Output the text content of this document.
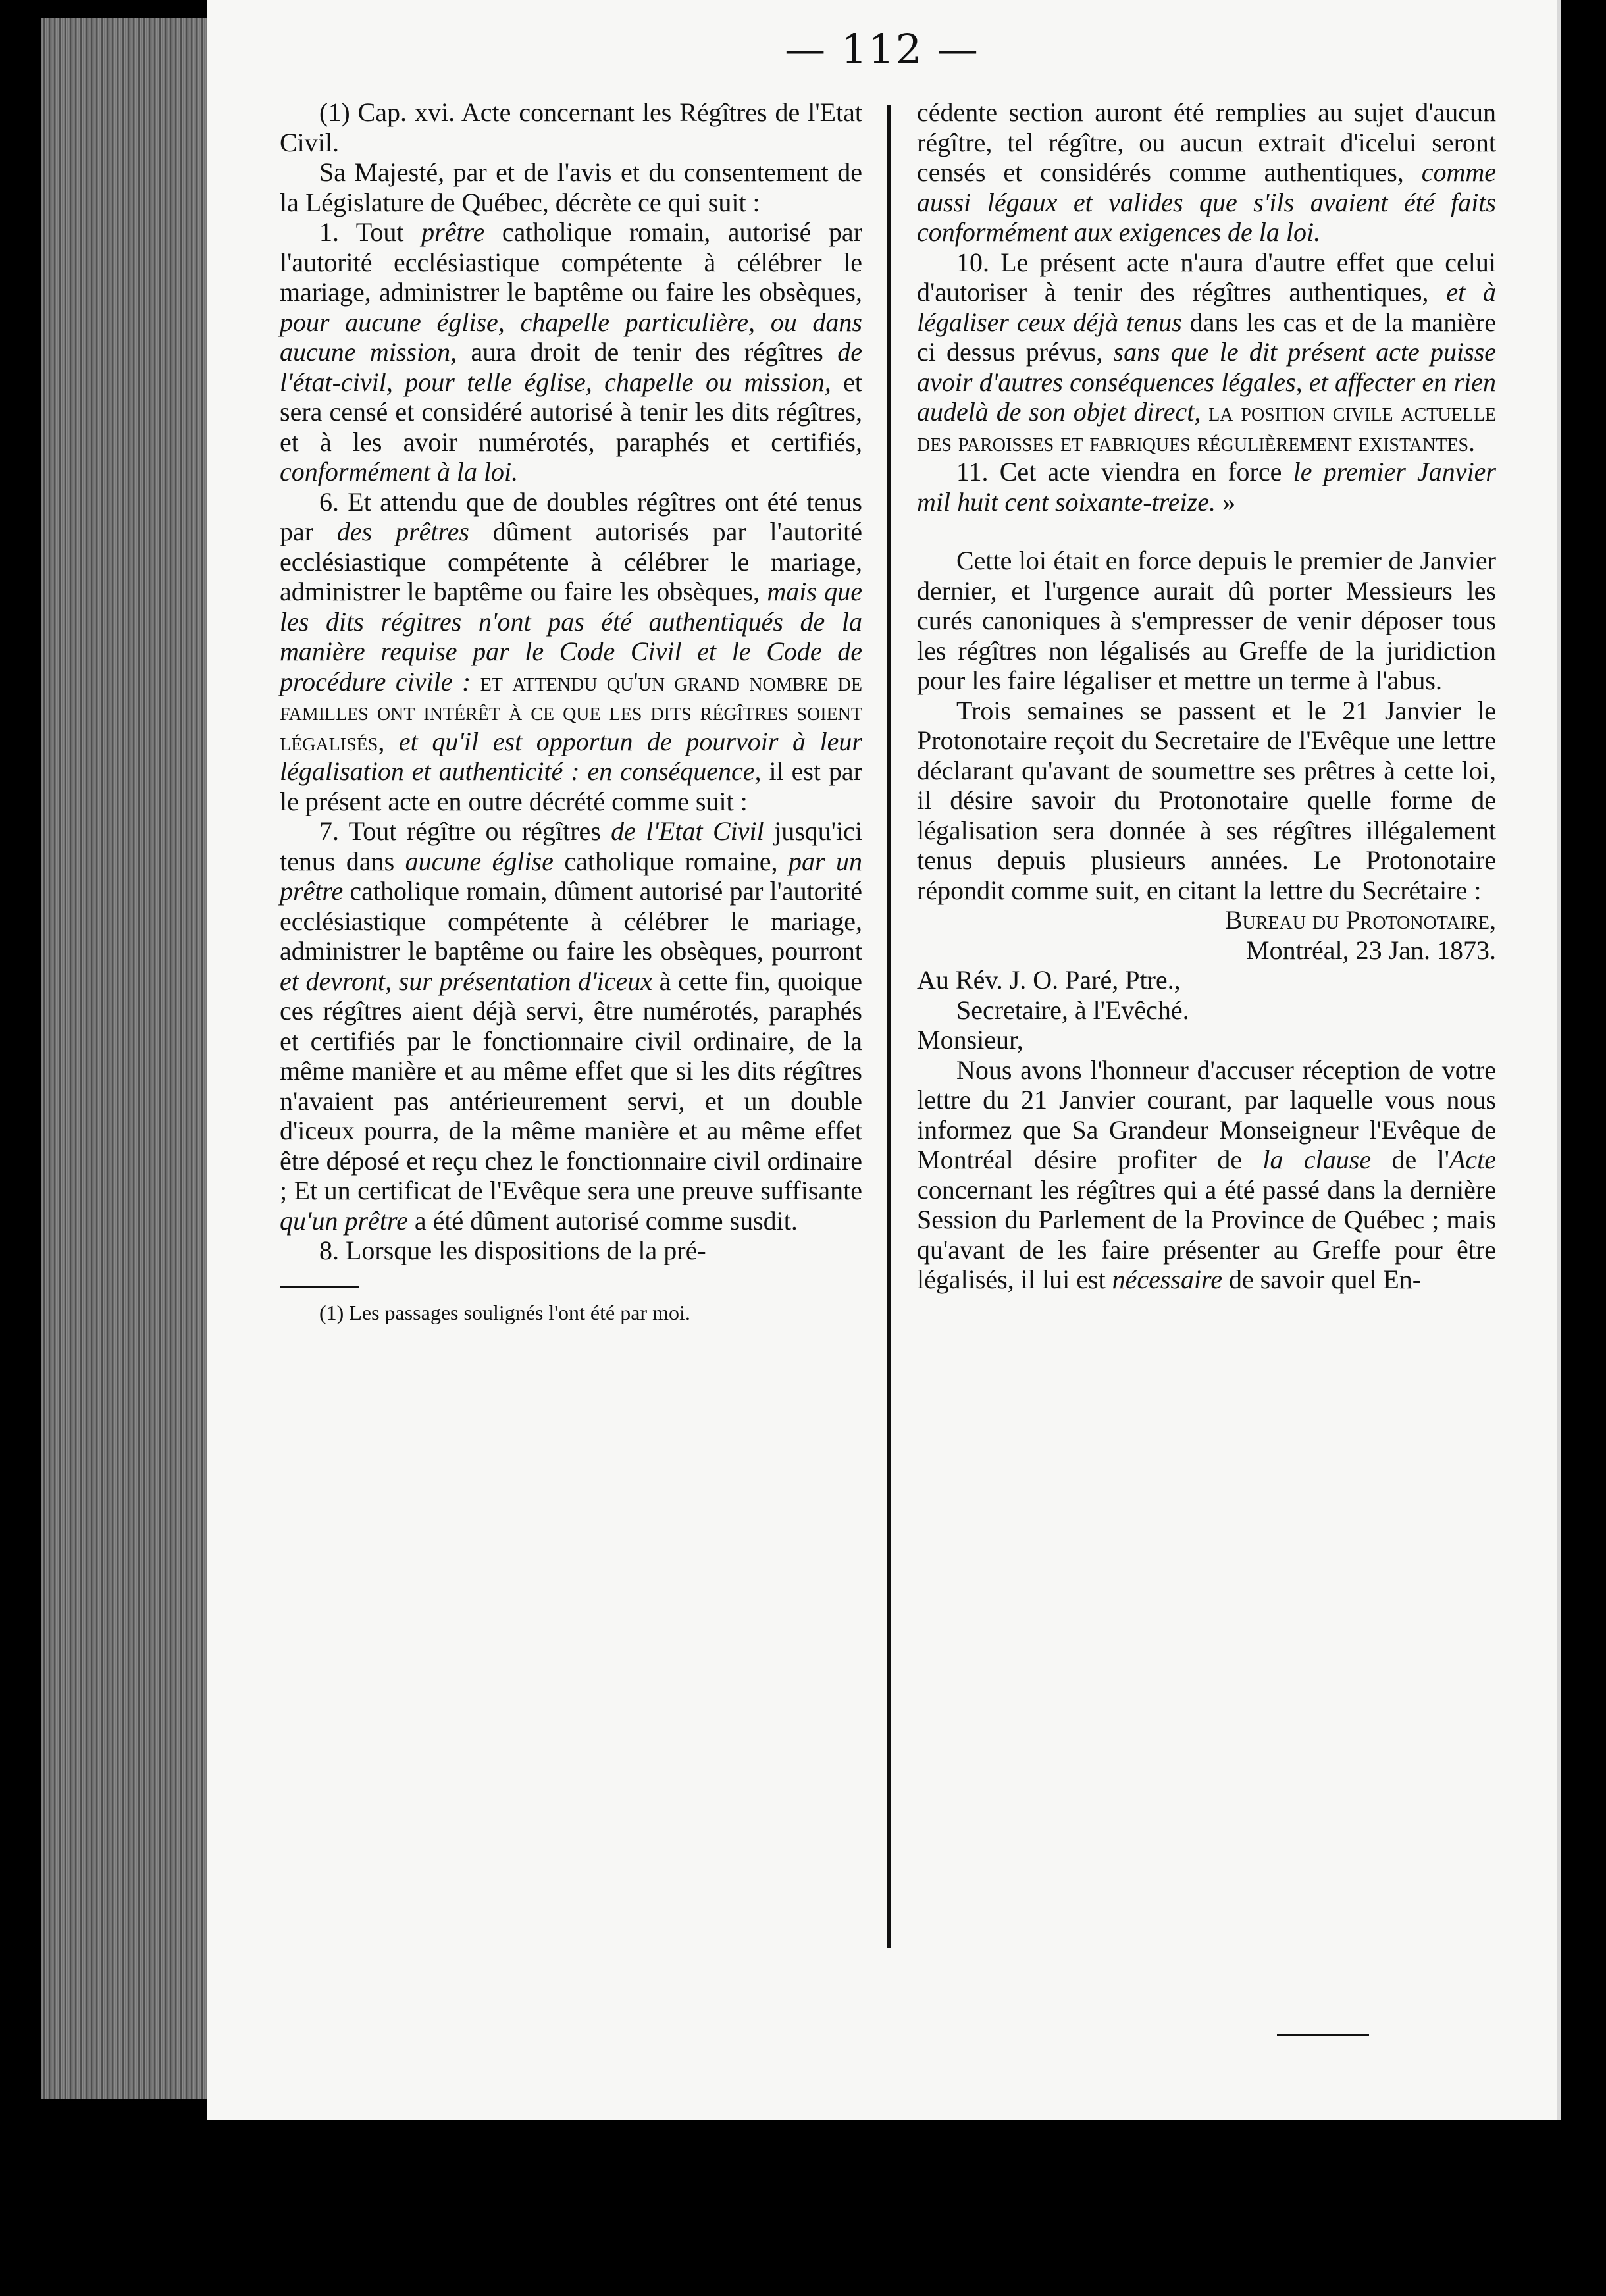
— 112 —

(1) Cap. xvi. Acte concernant les Régîtres de l'Etat Civil.

Sa Majesté, par et de l'avis et du consentement de la Législature de Québec, décrète ce qui suit :

1. Tout prêtre catholique romain, autorisé par l'autorité ecclésiastique compétente à célébrer le mariage, administrer le baptême ou faire les obsèques, pour aucune église, chapelle particulière, ou dans aucune mission, aura droit de tenir des régîtres de l'état-civil, pour telle église, chapelle ou mission, et sera censé et considéré autorisé à tenir les dits régîtres, et à les avoir numérotés, paraphés et certifiés, conformément à la loi.

6. Et attendu que de doubles régîtres ont été tenus par des prêtres dûment autorisés par l'autorité ecclésiastique compétente à célébrer le mariage, administrer le baptême ou faire les obsèques, mais que les dits régitres n'ont pas été authentiqués de la manière requise par le Code Civil et le Code de procédure civile : et attendu qu'un grand nombre de familles ont intérêt à ce que les dits régîtres soient légalisés, et qu'il est opportun de pourvoir à leur légalisation et authenticité : en conséquence, il est par le présent acte en outre décrété comme suit :

7. Tout régître ou régîtres de l'Etat Civil jusqu'ici tenus dans aucune église catholique romaine, par un prêtre catholique romain, dûment autorisé par l'autorité ecclésiastique compétente à célébrer le mariage, administrer le baptême ou faire les obsèques, pourront et devront, sur présentation d'iceux à cette fin, quoique ces régîtres aient déjà servi, être numérotés, paraphés et certifiés par le fonctionnaire civil ordinaire, de la même manière et au même effet que si les dits régîtres n'avaient pas antérieurement servi, et un double d'iceux pourra, de la même manière et au même effet être déposé et reçu chez le fonctionnaire civil ordinaire ; Et un certificat de l'Evêque sera une preuve suffisante qu'un prêtre a été dûment autorisé comme susdit.

8. Lorsque les dispositions de la pré-

(1) Les passages soulignés l'ont été par moi.

cédente section auront été remplies au sujet d'aucun régître, tel régître, ou aucun extrait d'icelui seront censés et considérés comme authentiques, comme aussi légaux et valides que s'ils avaient été faits conformément aux exigences de la loi.

10. Le présent acte n'aura d'autre effet que celui d'autoriser à tenir des régîtres authentiques, et à légaliser ceux déjà tenus dans les cas et de la manière ci dessus prévus, sans que le dit présent acte puisse avoir d'autres conséquences légales, et affecter en rien audelà de son objet direct, la position civile actuelle des paroisses et fabriques régulièrement existantes.

11. Cet acte viendra en force le premier Janvier mil huit cent soixante-treize. »

Cette loi était en force depuis le premier de Janvier dernier, et l'urgence aurait dû porter Messieurs les curés canoniques à s'empresser de venir déposer tous les régîtres non légalisés au Greffe de la juridiction pour les faire légaliser et mettre un terme à l'abus.

Trois semaines se passent et le 21 Janvier le Protonotaire reçoit du Secretaire de l'Evêque une lettre déclarant qu'avant de soumettre ses prêtres à cette loi, il désire savoir du Protonotaire quelle forme de légalisation sera donnée à ses régîtres illégalement tenus depuis plusieurs années. Le Protonotaire répondit comme suit, en citant la lettre du Secrétaire :

Bureau du Protonotaire,

Montréal, 23 Jan. 1873.

Au Rév. J. O. Paré, Ptre.,

Secretaire, à l'Evêché.

Monsieur,

Nous avons l'honneur d'accuser réception de votre lettre du 21 Janvier courant, par laquelle vous nous informez que Sa Grandeur Monseigneur l'Evêque de Montréal désire profiter de la clause de l'Acte concernant les régîtres qui a été passé dans la dernière Session du Parlement de la Province de Québec ; mais qu'avant de les faire présenter au Greffe pour être légalisés, il lui est nécessaire de savoir quel En-
